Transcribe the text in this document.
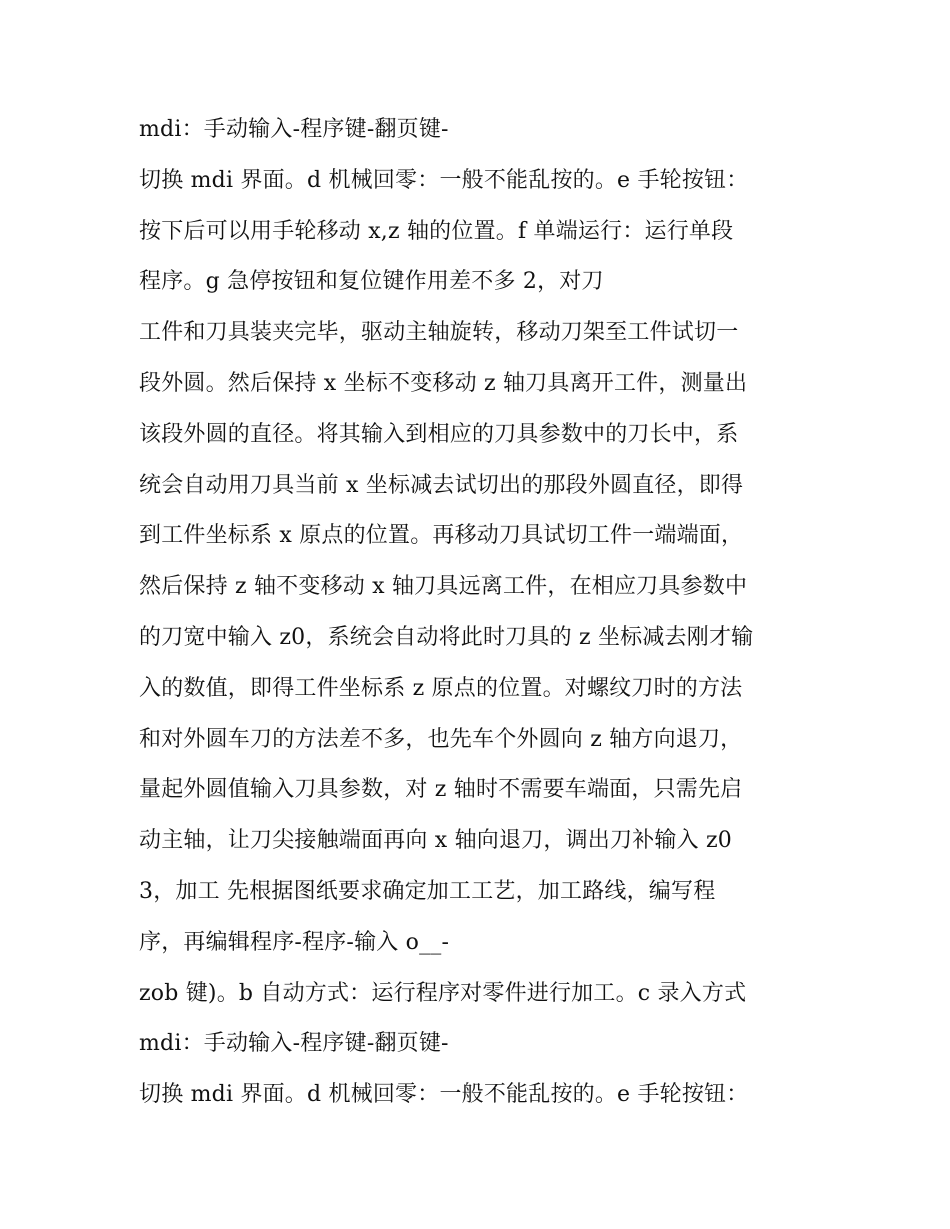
mdi：手动输入-程序键-翻页键-
切换 mdi 界面。d 机械回零：一般不能乱按的。e 手轮按钮：
按下后可以用手轮移动 x,z 轴的位置。f 单端运行：运行单段
程序。g 急停按钮和复位键作用差不多 2，对刀
工件和刀具装夹完毕，驱动主轴旋转，移动刀架至工件试切一
段外圆。然后保持 x 坐标不变移动 z 轴刀具离开工件，测量出
该段外圆的直径。将其输入到相应的刀具参数中的刀长中，系
统会自动用刀具当前 x 坐标减去试切出的那段外圆直径，即得
到工件坐标系 x 原点的位置。再移动刀具试切工件一端端面，
然后保持 z 轴不变移动 x 轴刀具远离工件，在相应刀具参数中
的刀宽中输入 z0，系统会自动将此时刀具的 z 坐标减去刚才输
入的数值，即得工件坐标系 z 原点的位置。对螺纹刀时的方法
和对外圆车刀的方法差不多，也先车个外圆向 z 轴方向退刀，
量起外圆值输入刀具参数，对 z 轴时不需要车端面，只需先启
动主轴，让刀尖接触端面再向 x 轴向退刀，调出刀补输入 z0
3，加工 先根据图纸要求确定加工工艺，加工路线，编写程
序，再编辑程序-程序-输入 o__-
zob 键)。b 自动方式：运行程序对零件进行加工。c 录入方式
mdi：手动输入-程序键-翻页键-
切换 mdi 界面。d 机械回零：一般不能乱按的。e 手轮按钮：
